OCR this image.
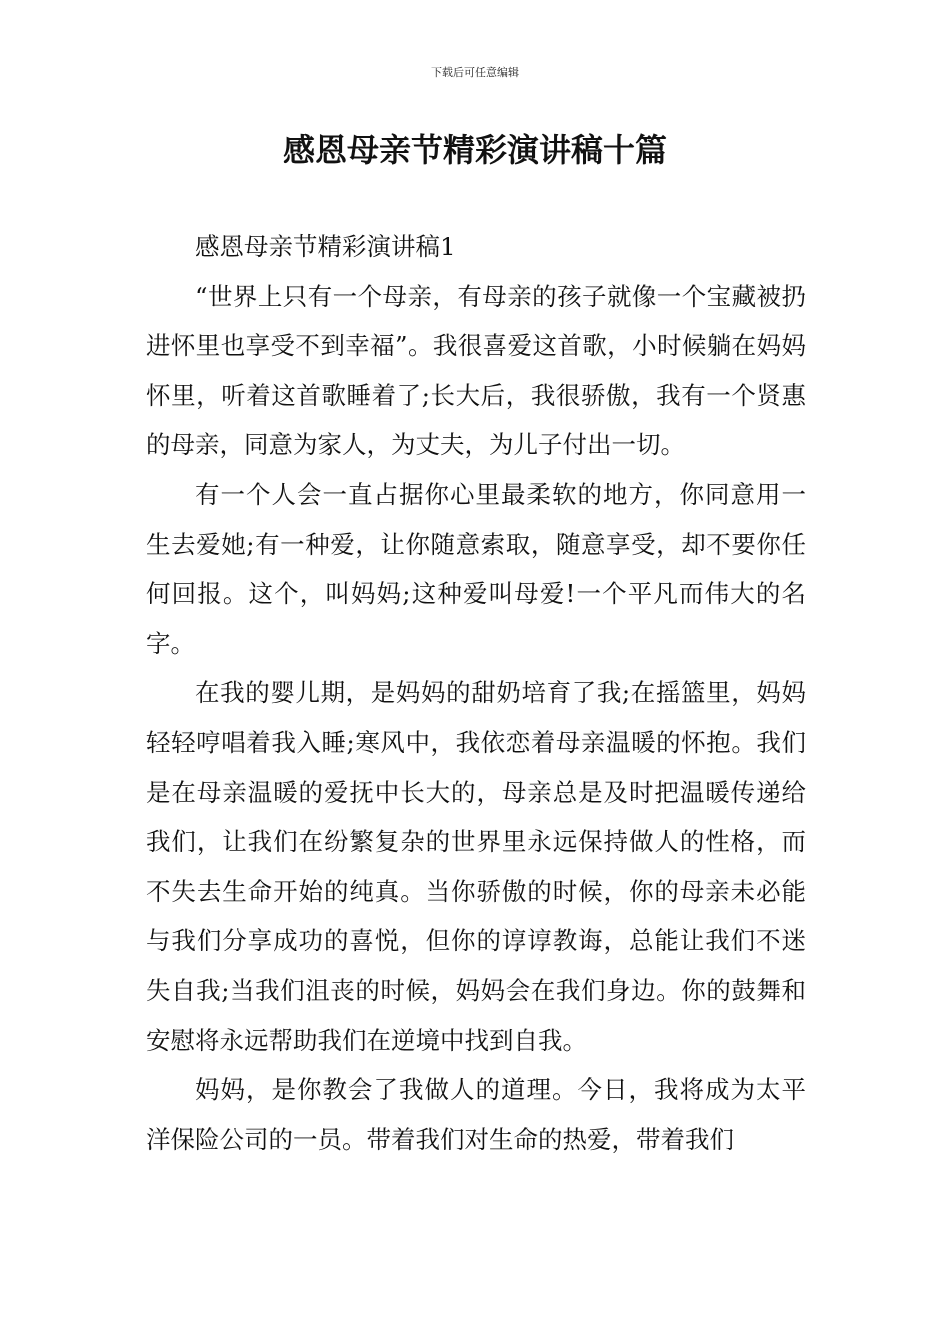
下载后可任意编辑
感恩母亲节精彩演讲稿十篇

感恩母亲节精彩演讲稿1

“世界上只有一个母亲，有母亲的孩子就像一个宝藏被扔进怀里也享受不到幸福”。我很喜爱这首歌，小时候躺在妈妈怀里，听着这首歌睡着了;长大后，我很骄傲，我有一个贤惠的母亲，同意为家人，为丈夫，为儿子付出一切。

有一个人会一直占据你心里最柔软的地方，你同意用一生去爱她;有一种爱，让你随意索取，随意享受，却不要你任何回报。这个，叫妈妈;这种爱叫母爱!一个平凡而伟大的名字。

在我的婴儿期，是妈妈的甜奶培育了我;在摇篮里，妈妈轻轻哼唱着我入睡;寒风中，我依恋着母亲温暖的怀抱。我们是在母亲温暖的爱抚中长大的，母亲总是及时把温暖传递给我们，让我们在纷繁复杂的世界里永远保持做人的性格，而不失去生命开始的纯真。当你骄傲的时候，你的母亲未必能与我们分享成功的喜悦，但你的谆谆教诲，总能让我们不迷失自我;当我们沮丧的时候，妈妈会在我们身边。你的鼓舞和安慰将永远帮助我们在逆境中找到自我。

妈妈，是你教会了我做人的道理。今日，我将成为太平洋保险公司的一员。带着我们对生命的热爱，带着我们
